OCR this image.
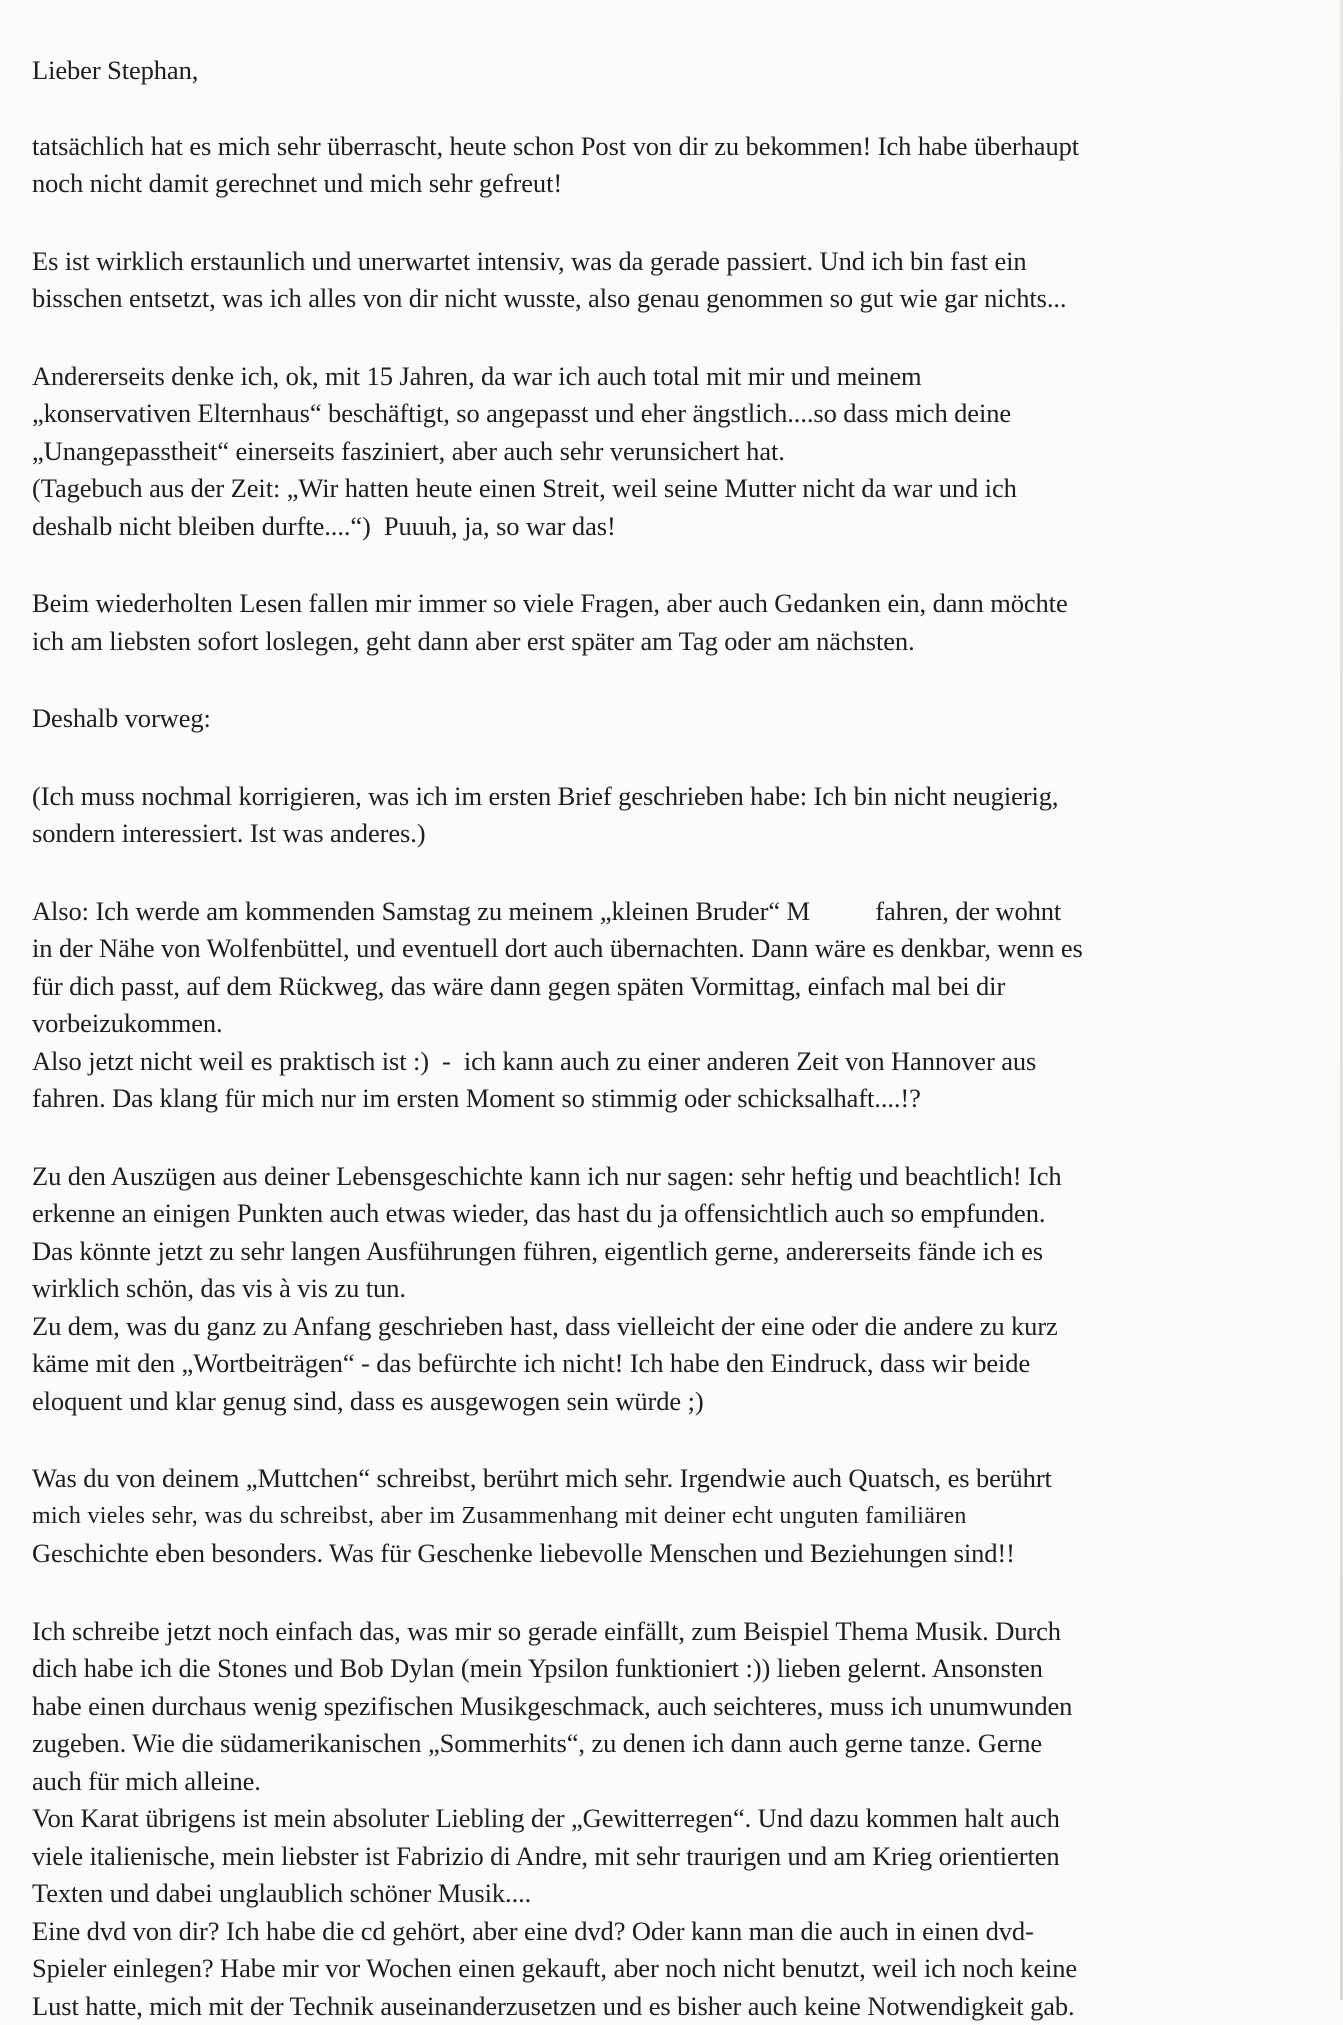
Lieber Stephan,
tatsächlich hat es mich sehr überrascht, heute schon Post von dir zu bekommen! Ich habe überhaupt
noch nicht damit gerechnet und mich sehr gefreut!
Es ist wirklich erstaunlich und unerwartet intensiv, was da gerade passiert. Und ich bin fast ein
bisschen entsetzt, was ich alles von dir nicht wusste, also genau genommen so gut wie gar nichts...
Andererseits denke ich, ok, mit 15 Jahren, da war ich auch total mit mir und meinem
„konservativen Elternhaus“ beschäftigt, so angepasst und eher ängstlich....so dass mich deine
„Unangepasstheit“ einerseits fasziniert, aber auch sehr verunsichert hat.
(Tagebuch aus der Zeit: „Wir hatten heute einen Streit, weil seine Mutter nicht da war und ich
deshalb nicht bleiben durfte....“)  Puuuh, ja, so war das!
Beim wiederholten Lesen fallen mir immer so viele Fragen, aber auch Gedanken ein, dann möchte
ich am liebsten sofort loslegen, geht dann aber erst später am Tag oder am nächsten.
Deshalb vorweg:
(Ich muss nochmal korrigieren, was ich im ersten Brief geschrieben habe: Ich bin nicht neugierig,
sondern interessiert. Ist was anderes.)
Also: Ich werde am kommenden Samstag zu meinem „kleinen Bruder“ M          fahren, der wohnt
in der Nähe von Wolfenbüttel, und eventuell dort auch übernachten. Dann wäre es denkbar, wenn es
für dich passt, auf dem Rückweg, das wäre dann gegen späten Vormittag, einfach mal bei dir
vorbeizukommen.
Also jetzt nicht weil es praktisch ist :)  -  ich kann auch zu einer anderen Zeit von Hannover aus
fahren. Das klang für mich nur im ersten Moment so stimmig oder schicksalhaft....!?
Zu den Auszügen aus deiner Lebensgeschichte kann ich nur sagen: sehr heftig und beachtlich! Ich
erkenne an einigen Punkten auch etwas wieder, das hast du ja offensichtlich auch so empfunden.
Das könnte jetzt zu sehr langen Ausführungen führen, eigentlich gerne, andererseits fände ich es
wirklich schön, das vis à vis zu tun.
Zu dem, was du ganz zu Anfang geschrieben hast, dass vielleicht der eine oder die andere zu kurz
käme mit den „Wortbeiträgen“ - das befürchte ich nicht! Ich habe den Eindruck, dass wir beide
eloquent und klar genug sind, dass es ausgewogen sein würde ;)
Was du von deinem „Muttchen“ schreibst, berührt mich sehr. Irgendwie auch Quatsch, es berührt
mich vieles sehr, was du schreibst, aber im Zusammenhang mit deiner echt unguten familiären
Geschichte eben besonders. Was für Geschenke liebevolle Menschen und Beziehungen sind!!
Ich schreibe jetzt noch einfach das, was mir so gerade einfällt, zum Beispiel Thema Musik. Durch
dich habe ich die Stones und Bob Dylan (mein Ypsilon funktioniert :)) lieben gelernt. Ansonsten
habe einen durchaus wenig spezifischen Musikgeschmack, auch seichteres, muss ich unumwunden
zugeben. Wie die südamerikanischen „Sommerhits“, zu denen ich dann auch gerne tanze. Gerne
auch für mich alleine.
Von Karat übrigens ist mein absoluter Liebling der „Gewitterregen“. Und dazu kommen halt auch
viele italienische, mein liebster ist Fabrizio di Andre, mit sehr traurigen und am Krieg orientierten
Texten und dabei unglaublich schöner Musik....
Eine dvd von dir? Ich habe die cd gehört, aber eine dvd? Oder kann man die auch in einen dvd-
Spieler einlegen? Habe mir vor Wochen einen gekauft, aber noch nicht benutzt, weil ich noch keine
Lust hatte, mich mit der Technik auseinanderzusetzen und es bisher auch keine Notwendigkeit gab.
